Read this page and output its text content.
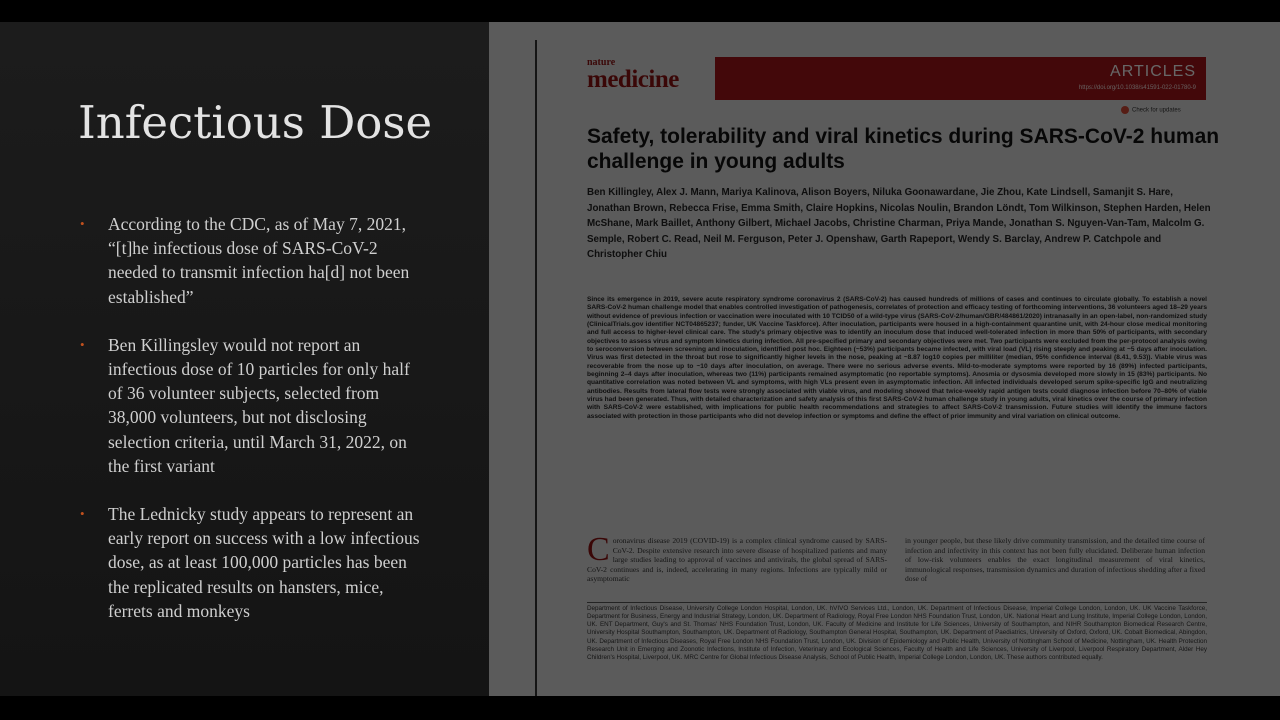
Infectious Dose
• According to the CDC, as of May 7, 2021, “[t]he infectious dose of SARS-CoV-2 needed to transmit infection ha[d] not been established”
• Ben Killingsley would not report an infectious dose of 10 particles for only half of 36 volunteer subjects, selected from 38,000 volunteers, but not disclosing selection criteria, until March 31, 2022, on the first variant
• The Lednicky study appears to represent an early report on success with a low infectious dose, as at least 100,000 particles has been the replicated results on hansters, mice, ferrets and monkeys
nature
medicine	ARTICLES
https://doi.org/10.1038/s41591-022-01780-9
Check for updates
Safety, tolerability and viral kinetics during SARS-CoV-2 human challenge in young adults
Ben Killingley, Alex J. Mann, Mariya Kalinova, Alison Boyers, Niluka Goonawardane, Jie Zhou, Kate Lindsell, Samanjit S. Hare, Jonathan Brown, Rebecca Frise, Emma Smith, Claire Hopkins, Nicolas Noulin, Brandon Löndt, Tom Wilkinson, Stephen Harden, Helen McShane, Mark Baillet, Anthony Gilbert, Michael Jacobs, Christine Charman, Priya Mande, Jonathan S. Nguyen-Van-Tam, Malcolm G. Semple, Robert C. Read, Neil M. Ferguson, Peter J. Openshaw, Garth Rapeport, Wendy S. Barclay, Andrew P. Catchpole and Christopher Chiu
Since its emergence in 2019, severe acute respiratory syndrome coronavirus 2 (SARS-CoV-2) has caused hundreds of millions of cases and continues to circulate globally. To establish a novel SARS-CoV-2 human challenge model that enables controlled investigation of pathogenesis, correlates of protection and efficacy testing of forthcoming interventions, 36 volunteers aged 18–29 years without evidence of previous infection or vaccination were inoculated with 10 TCID50 of a wild-type virus (SARS-CoV-2/human/GBR/484861/2020) intranasally in an open-label, non-randomized study (ClinicalTrials.gov identifier NCT04865237; funder, UK Vaccine Taskforce). After inoculation, participants were housed in a high-containment quarantine unit, with 24-hour close medical monitoring and full access to higher-level clinical care. The study's primary objective was to identify an inoculum dose that induced well-tolerated infection in more than 50% of participants, with secondary objectives to assess virus and symptom kinetics during infection. All pre-specified primary and secondary objectives were met. Two participants were excluded from the per-protocol analysis owing to seroconversion between screening and inoculation, identified post hoc. Eighteen (~53%) participants became infected, with viral load (VL) rising steeply and peaking at ~5 days after inoculation. Virus was first detected in the throat but rose to significantly higher levels in the nose, peaking at ~8.87 log10 copies per milliliter (median, 95% confidence interval (8.41, 9.53)). Viable virus was recoverable from the nose up to ~10 days after inoculation, on average. There were no serious adverse events. Mild-to-moderate symptoms were reported by 16 (89%) infected participants, beginning 2–4 days after inoculation, whereas two (11%) participants remained asymptomatic (no reportable symptoms). Anosmia or dysosmia developed more slowly in 15 (83%) participants. No quantitative correlation was noted between VL and symptoms, with high VLs present even in asymptomatic infection. All infected individuals developed serum spike-specific IgG and neutralizing antibodies. Results from lateral flow tests were strongly associated with viable virus, and modeling showed that twice-weekly rapid antigen tests could diagnose infection before 70–80% of viable virus had been generated. Thus, with detailed characterization and safety analysis of this first SARS-CoV-2 human challenge study in young adults, viral kinetics over the course of primary infection with SARS-CoV-2 were established, with implications for public health recommendations and strategies to affect SARS-CoV-2 transmission. Future studies will identify the immune factors associated with protection in those participants who did not develop infection or symptoms and define the effect of prior immunity and viral variation on clinical outcome.
Coronavirus disease 2019 (COVID-19) is a complex clinical syndrome caused by SARS-CoV-2. Despite extensive research into severe disease of hospitalized patients and many large studies leading to approval of vaccines and antivirals, the global spread of SARS-CoV-2 continues and is, indeed, accelerating in many regions. Infections are typically mild or asymptomatic
in younger people, but these likely drive community transmission, and the detailed time course of infection and infectivity in this context has not been fully elucidated. Deliberate human infection of low-risk volunteers enables the exact longitudinal measurement of viral kinetics, immunological responses, transmission dynamics and duration of infectious shedding after a fixed dose of
Department of Infectious Disease, University College London Hospital, London, UK. hVIVO Services Ltd., London, UK. Department of Infectious Disease, Imperial College London, London, UK. UK Vaccine Taskforce, Department for Business, Energy and Industrial Strategy, London, UK. Department of Radiology, Royal Free London NHS Foundation Trust, London, UK. National Heart and Lung Institute, Imperial College London, London, UK. ENT Department, Guy's and St. Thomas' NHS Foundation Trust, London, UK. Faculty of Medicine and Institute for Life Sciences, University of Southampton, and NIHR Southampton Biomedical Research Centre, University Hospital Southampton, Southampton, UK. Department of Radiology, Southampton General Hospital, Southampton, UK. Department of Paediatrics, University of Oxford, Oxford, UK. Cobalt Biomedical, Abingdon, UK. Department of Infectious Diseases, Royal Free London NHS Foundation Trust, London, UK. Division of Epidemiology and Public Health, University of Nottingham School of Medicine, Nottingham, UK. Health Protection Research Unit in Emerging and Zoonotic Infections, Institute of Infection, Veterinary and Ecological Sciences, Faculty of Health and Life Sciences, University of Liverpool, Liverpool Respiratory Department, Alder Hey Children's Hospital, Liverpool, UK. MRC Centre for Global Infectious Disease Analysis, School of Public Health, Imperial College London, London, UK. These authors contributed equally.
